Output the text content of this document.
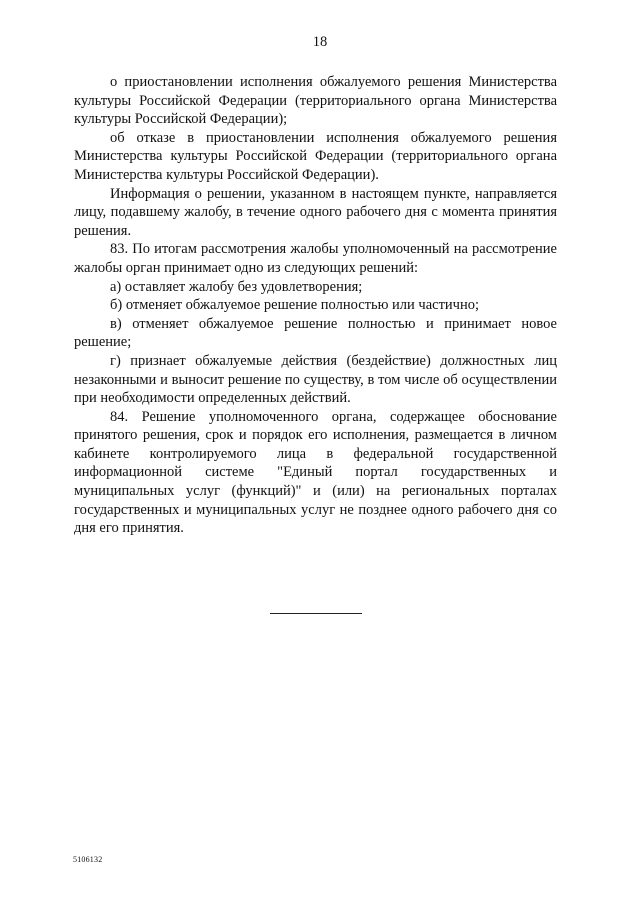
18

о приостановлении исполнения обжалуемого решения Министерства культуры Российской Федерации (территориального органа Министерства культуры Российской Федерации);

об отказе в приостановлении исполнения обжалуемого решения Министерства культуры Российской Федерации (территориального органа Министерства культуры Российской Федерации).

Информация о решении, указанном в настоящем пункте, направляется лицу, подавшему жалобу, в течение одного рабочего дня с момента принятия решения.

83. По итогам рассмотрения жалобы уполномоченный на рассмотрение жалобы орган принимает одно из следующих решений:

а) оставляет жалобу без удовлетворения;

б) отменяет обжалуемое решение полностью или частично;

в) отменяет обжалуемое решение полностью и принимает новое решение;

г) признает обжалуемые действия (бездействие) должностных лиц незаконными и выносит решение по существу, в том числе об осуществлении при необходимости определенных действий.

84. Решение уполномоченного органа, содержащее обоснование принятого решения, срок и порядок его исполнения, размещается в личном кабинете контролируемого лица в федеральной государственной информационной системе "Единый портал государственных и муниципальных услуг (функций)" и (или) на региональных порталах государственных и муниципальных услуг не позднее одного рабочего дня со дня его принятия.

5106132
